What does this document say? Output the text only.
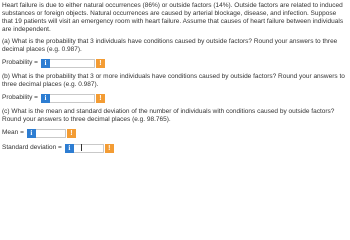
Heart failure is due to either natural occurrences (86%) or outside factors (14%). Outside factors are related to induced substances or foreign objects. Natural occurrences are caused by arterial blockage, disease, and infection. Suppose that 19 patients will visit an emergency room with heart failure. Assume that causes of heart failure between individuals are independent.

(a) What is the probability that 3 individuals have conditions caused by outside factors? Round your answers to three decimal places (e.g. 0.987).

Probability = i	!

(b) What is the probability that 3 or more individuals have conditions caused by outside factors? Round your answers to three decimal places (e.g. 0.987).

Probability = i	!

(c) What is the mean and standard deviation of the number of individuals with conditions caused by outside factors? Round your answers to three decimal places (e.g. 98.765).

Mean = i	!
Standard deviation = i	!
